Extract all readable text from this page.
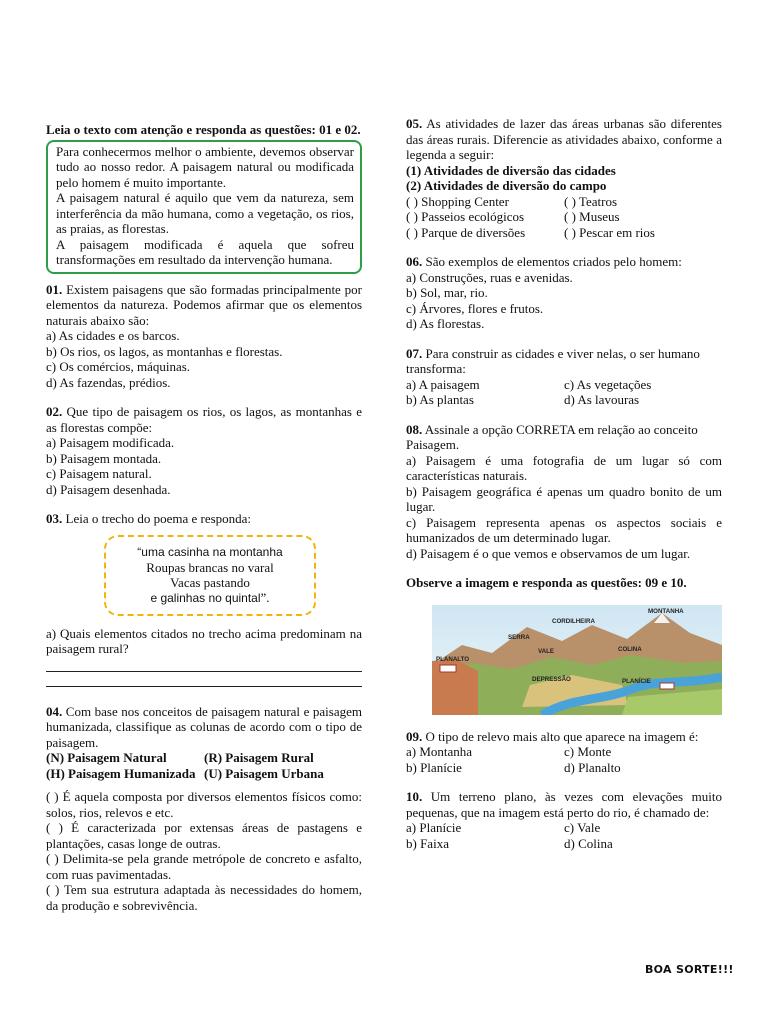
Leia o texto com atenção e responda as questões: 01 e 02.

Para conhecermos melhor o ambiente, devemos observar tudo ao nosso redor. A paisagem natural ou modificada pelo homem é muito importante.

A paisagem natural é aquilo que vem da natureza, sem interferência da mão humana, como a vegetação, os rios, as praias, as florestas.

A paisagem modificada é aquela que sofreu transformações em resultado da intervenção humana.

01. Existem paisagens que são formadas principalmente por elementos da natureza. Podemos afirmar que os elementos naturais abaixo são:

a) As cidades e os barcos.

b) Os rios, os lagos, as montanhas e florestas.

c) Os comércios, máquinas.

d) As fazendas, prédios.

02. Que tipo de paisagem os rios, os lagos, as montanhas e as florestas compõe:

a) Paisagem modificada.

b) Paisagem montada.

c) Paisagem natural.

d) Paisagem desenhada.

03. Leia o trecho do poema e responda:

“uma casinha na montanha
Roupas brancas no varal
Vacas pastando
e galinhas no quintal”.

a) Quais elementos citados no trecho acima predominam na paisagem rural?

04. Com base nos conceitos de paisagem natural e paisagem humanizada, classifique as colunas de acordo com o tipo de paisagem.

(N) Paisagem Natural	(R) Paisagem Rural
(H) Paisagem Humanizada (U) Paisagem Urbana

( ) É aquela composta por diversos elementos físicos como: solos, rios, relevos e etc.

( ) É caracterizada por extensas áreas de pastagens e plantações, casas longe de outras.

( ) Delimita-se pela grande metrópole de concreto e asfalto, com ruas pavimentadas.

( ) Tem sua estrutura adaptada às necessidades do homem, da produção e sobrevivência.

05. As atividades de lazer das áreas urbanas são diferentes das áreas rurais. Diferencie as atividades abaixo, conforme a legenda a seguir:

(1) Atividades de diversão das cidades

(2) Atividades de diversão do campo

( ) Shopping Center	( ) Teatros
( ) Passeios ecológicos	( ) Museus
( ) Parque de diversões	( ) Pescar em rios

06. São exemplos de elementos criados pelo homem:

a) Construções, ruas e avenidas.

b) Sol, mar, rio.

c) Árvores, flores e frutos.

d) As florestas.

07. Para construir as cidades e viver nelas, o ser humano transforma:

a) A paisagem	c) As vegetações
b) As plantas	d) As lavouras

08. Assinale a opção CORRETA em relação ao conceito Paisagem.

a) Paisagem é uma fotografia de um lugar só com características naturais.

b) Paisagem geográfica é apenas um quadro bonito de um lugar.

c) Paisagem representa apenas os aspectos sociais e humanizados de um determinado lugar.

d) Paisagem é o que vemos e observamos de um lugar.

Observe a imagem e responda as questões: 09 e 10.

MONTANHA
CORDILHEIRA
SERRA
VALE	COLINA
PLANALTO
DEPRESSÃO	PLANÍCIE

09. O tipo de relevo mais alto que aparece na imagem é:

a) Montanha	c) Monte
b) Planície	d) Planalto

10. Um terreno plano, às vezes com elevações muito pequenas, que na imagem está perto do rio, é chamado de:

a) Planície	c) Vale
b) Faixa	d) Colina
BOA SORTE!!!
